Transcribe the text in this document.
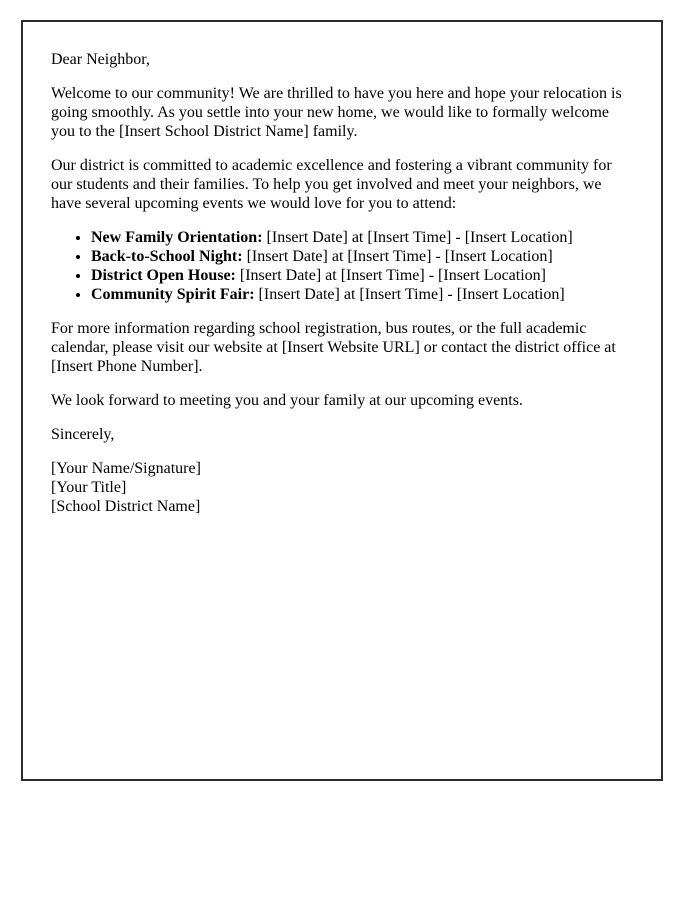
Dear Neighbor,

Welcome to our community! We are thrilled to have you here and hope your relocation is going smoothly. As you settle into your new home, we would like to formally welcome you to the [Insert School District Name] family.

Our district is committed to academic excellence and fostering a vibrant community for our students and their families. To help you get involved and meet your neighbors, we have several upcoming events we would love for you to attend:

• New Family Orientation: [Insert Date] at [Insert Time] - [Insert Location]
• Back-to-School Night: [Insert Date] at [Insert Time] - [Insert Location]
• District Open House: [Insert Date] at [Insert Time] - [Insert Location]
• Community Spirit Fair: [Insert Date] at [Insert Time] - [Insert Location]

For more information regarding school registration, bus routes, or the full academic calendar, please visit our website at [Insert Website URL] or contact the district office at [Insert Phone Number].

We look forward to meeting you and your family at our upcoming events.

Sincerely,

[Your Name/Signature]
[Your Title]
[School District Name]
